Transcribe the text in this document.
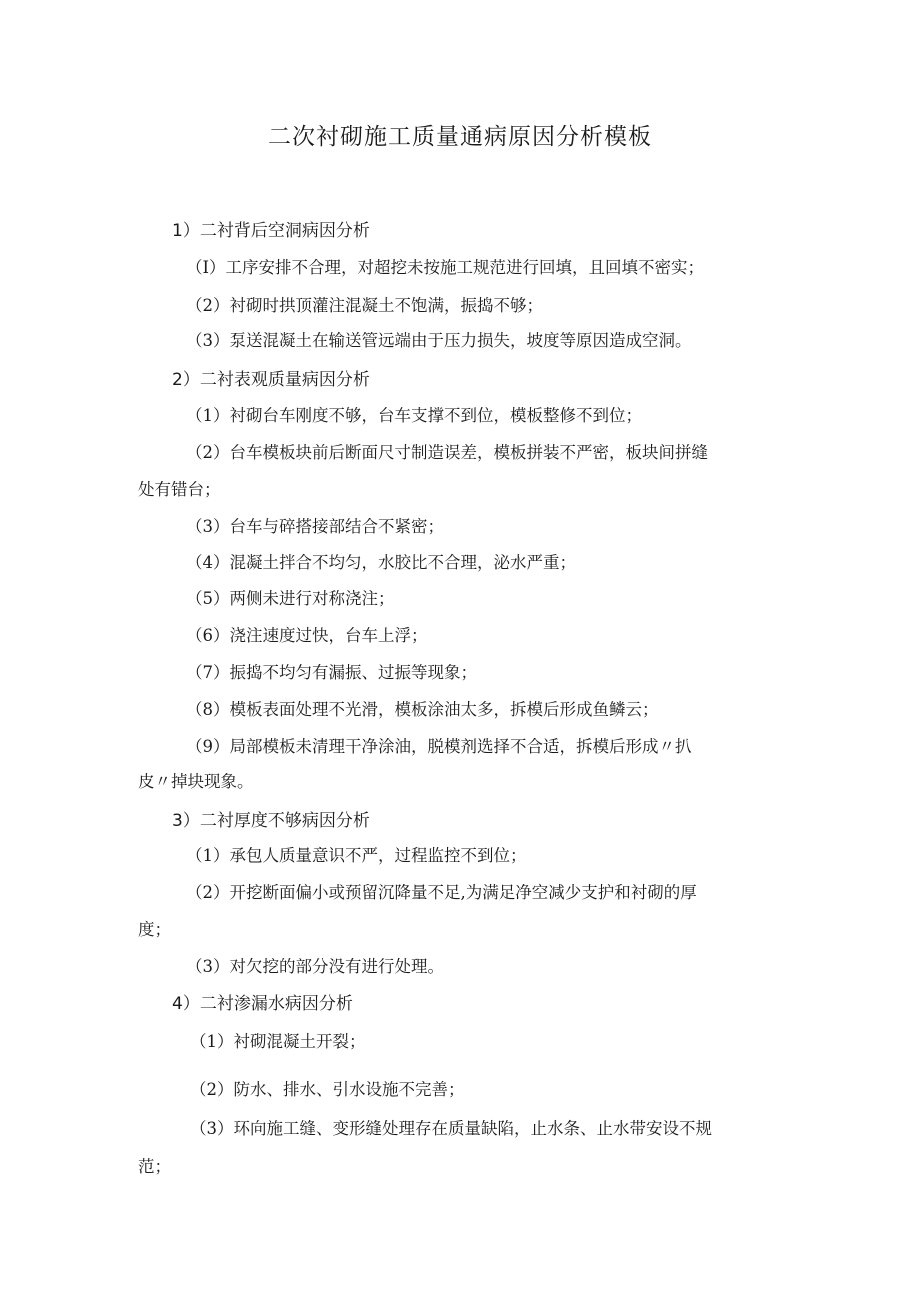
二次衬砌施工质量通病原因分析模板
1）二衬背后空洞病因分析
（I）工序安排不合理，对超挖未按施工规范进行回填，且回填不密实；
（2）衬砌时拱顶灌注混凝土不饱满，振捣不够；
（3）泵送混凝土在输送管远端由于压力损失，坡度等原因造成空洞。
2）二衬表观质量病因分析
（1）衬砌台车刚度不够，台车支撑不到位，模板整修不到位；
（2）台车模板块前后断面尺寸制造误差，模板拼装不严密，板块间拼缝
处有错台；
（3）台车与碎搭接部结合不紧密；
（4）混凝土拌合不均匀，水胶比不合理，泌水严重；
（5）两侧未进行对称浇注；
（6）浇注速度过快，台车上浮；
（7）振捣不均匀有漏振、过振等现象；
（8）模板表面处理不光滑，模板涂油太多，拆模后形成鱼鳞云；
（9）局部模板未清理干净涂油，脱模剂选择不合适，拆模后形成〃扒
皮〃掉块现象。
3）二衬厚度不够病因分析
（1）承包人质量意识不严，过程监控不到位；
（2）开挖断面偏小或预留沉降量不足,为满足净空减少支护和衬砌的厚
度；
（3）对欠挖的部分没有进行处理。
4）二衬渗漏水病因分析
（1）衬砌混凝土开裂；
（2）防水、排水、引水设施不完善；
（3）环向施工缝、变形缝处理存在质量缺陷，止水条、止水带安设不规
范；
